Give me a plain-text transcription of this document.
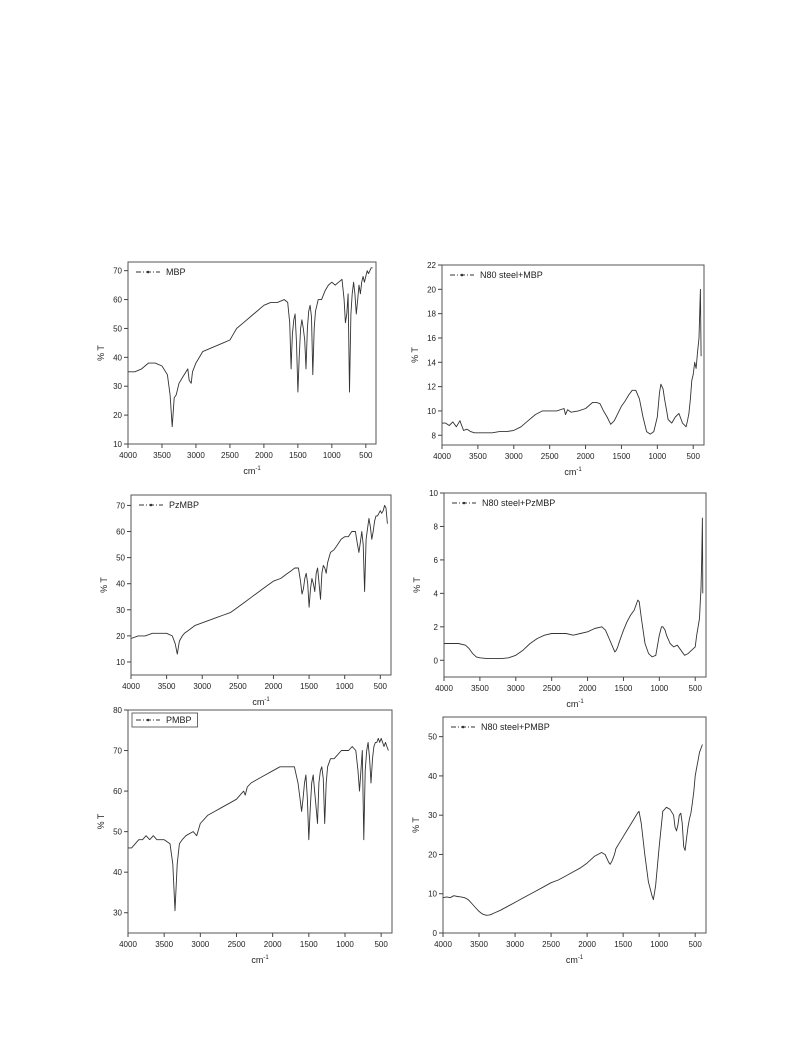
4000 3500 3000 2500 2000 1500 1000 500
10
20
30
40
50
60
70
$cm^{-1}$
% T
MBP
4000 3500 3000 2500 2000 1500 1000	500
8
10
12
14
16
18
20
22
$cm^{-1}$
% T
N80 steel+MBP
4000 3500 3000 2500 2000 1500 1000	500
10
20
30
40
50
60
70
$cm^{-1}$
% T
PzMBP
4000 3500 3000 2500 2000 1500 1000	500
0
2
4
6
8
10
$cm^{-1}$
% T
N80 steel+PzMBP
4000 3500 3000 2500 2000 1500 1000	500
30
40
50
60
70
80
$cm^{-1}$
% T
PMBP
4000 3500 3000 2500 2000 1500 1000	500
0
10
20
30
40
50
$cm^{-1}$
% T
N80 steel+PMBP
